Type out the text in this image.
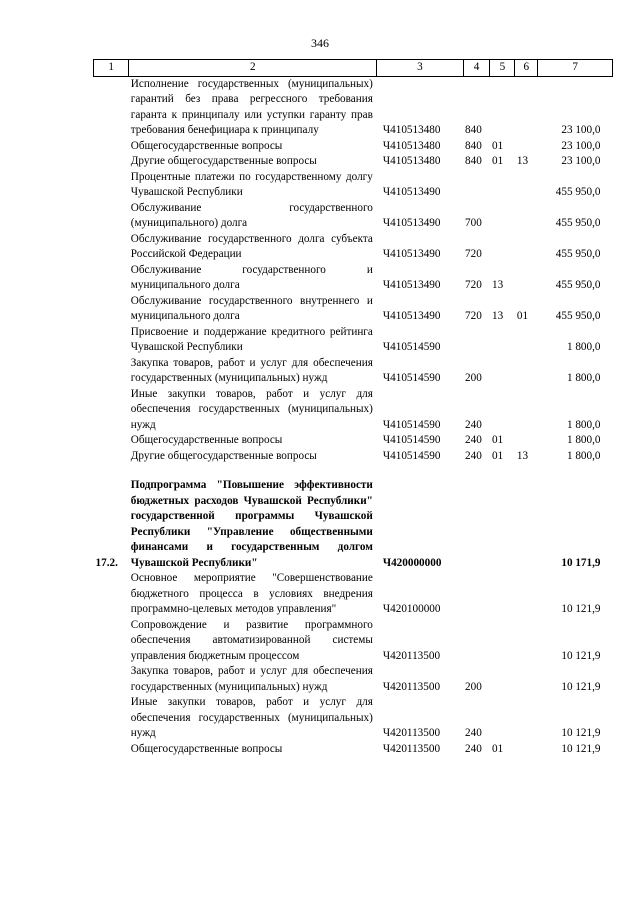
346
1	2	3	4	5	6	7
	Исполнение государственных (муниципальных) гарантий без права регрессного требования гаранта к принципалу или уступки гаранту прав требования бенефициара к принципалу	Ч410513480	840			23 100,0
	Общегосударственные вопросы	Ч410513480	840	01		23 100,0
	Другие общегосударственные вопросы	Ч410513480	840	01	13	23 100,0
	Процентные платежи по государственному долгу Чувашской Республики	Ч410513490				455 950,0
	Обслуживание государственного (муниципального) долга	Ч410513490	700			455 950,0
	Обслуживание государственного долга субъекта Российской Федерации	Ч410513490	720			455 950,0
	Обслуживание государственного и муниципального долга	Ч410513490	720	13		455 950,0
	Обслуживание государственного внутреннего и муниципального долга	Ч410513490	720	13	01	455 950,0
	Присвоение и поддержание кредитного рейтинга Чувашской Республики	Ч410514590				1 800,0
	Закупка товаров, работ и услуг для обеспечения государственных (муниципальных) нужд	Ч410514590	200			1 800,0
	Иные закупки товаров, работ и услуг для обеспечения государственных (муниципальных) нужд	Ч410514590	240			1 800,0
	Общегосударственные вопросы	Ч410514590	240	01		1 800,0
	Другие общегосударственные вопросы	Ч410514590	240	01	13	1 800,0

17.2.	Подпрограмма "Повышение эффективности бюджетных расходов Чувашской Республики" государственной программы Чувашской Республики "Управление общественными финансами и государственным долгом Чувашской Республики"	Ч420000000				10 171,9
	Основное мероприятие "Совершенствование бюджетного процесса в условиях внедрения программно-целевых методов управления"	Ч420100000				10 121,9
	Сопровождение и развитие программного обеспечения автоматизированной системы управления бюджетным процессом	Ч420113500				10 121,9
	Закупка товаров, работ и услуг для обеспечения государственных (муниципальных) нужд	Ч420113500	200			10 121,9
	Иные закупки товаров, работ и услуг для обеспечения государственных (муниципальных) нужд	Ч420113500	240			10 121,9
	Общегосударственные вопросы	Ч420113500	240	01		10 121,9
